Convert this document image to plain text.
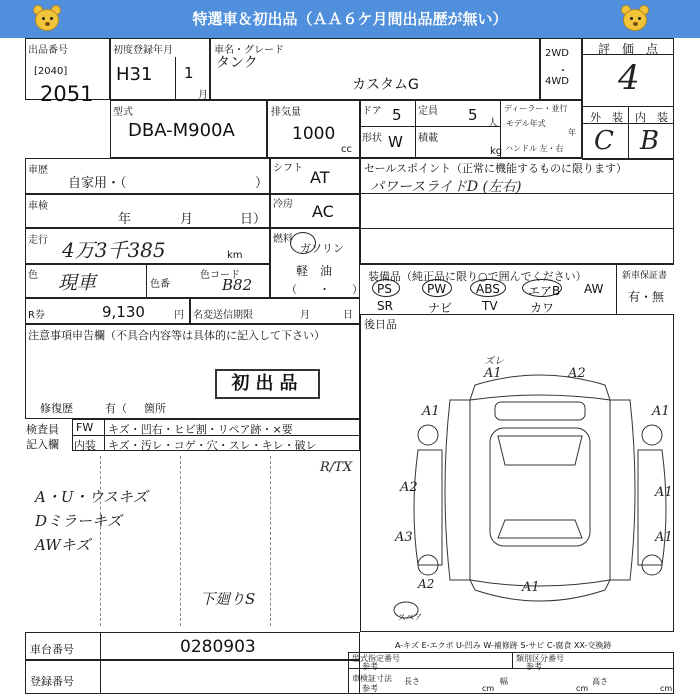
特選車＆初出品（ＡＡ６ケ月間出品歴が無い）
出品番号
[2040]
2051
初度登録年月
H31 1
月
車名・グレード
タンク
カスタムG
2WD
・
4WD
評　価　点
4
外　装 内　装
C B
型式
DBA-M900A
排気量
1000
cc
ドア 5 定員 5 人
形状 W 積載
kg
ディーラー・並行
モデル年式
年
ハンドル 左・右
車歴
自家用・（	）
シフト AT	セールスポイント（正常に機能するものに限ります）
パワースライドD (左右)
車検
年	月	日）
冷房 AC
走行 4万3千385	km
燃料
ガソリン
軽　油
（　　・　　）
色 現車	色番
色コード
B82	装備品（純正品に限り○で囲んでください）	新車保証書
有・無
PS	PW ABS エアB AW
SR	ナビ TV	カワ
R券	9,130	円 名変送信期限	月	日
後日品
注意事項申告欄（不具合内容等は具体的に記入して下さい）
初出品
修復歴	有（ 箇所
検査員
記入欄
FW キズ・凹右・ヒビ割・リペア跡・×要
内装 キズ・汚レ・コゲ・穴・スレ・キレ・破レ
R/TX
A・U・ウスキズ
Dミラーキズ
AWキズ
下廻りS
ズレ
A1	A2
A1	A1
A2	A1
A3	A1
A2	A1
スペア
車台番号	0280903
登録番号
A-キズ E-エクボ U-凹み W-補修跡 S-サビ C-腐食 XX-交換跡
型式指定番号
参考
類別区分番号
参考
車検証寸法
参考
長さ
cm
幅
cm
高さ
cm
